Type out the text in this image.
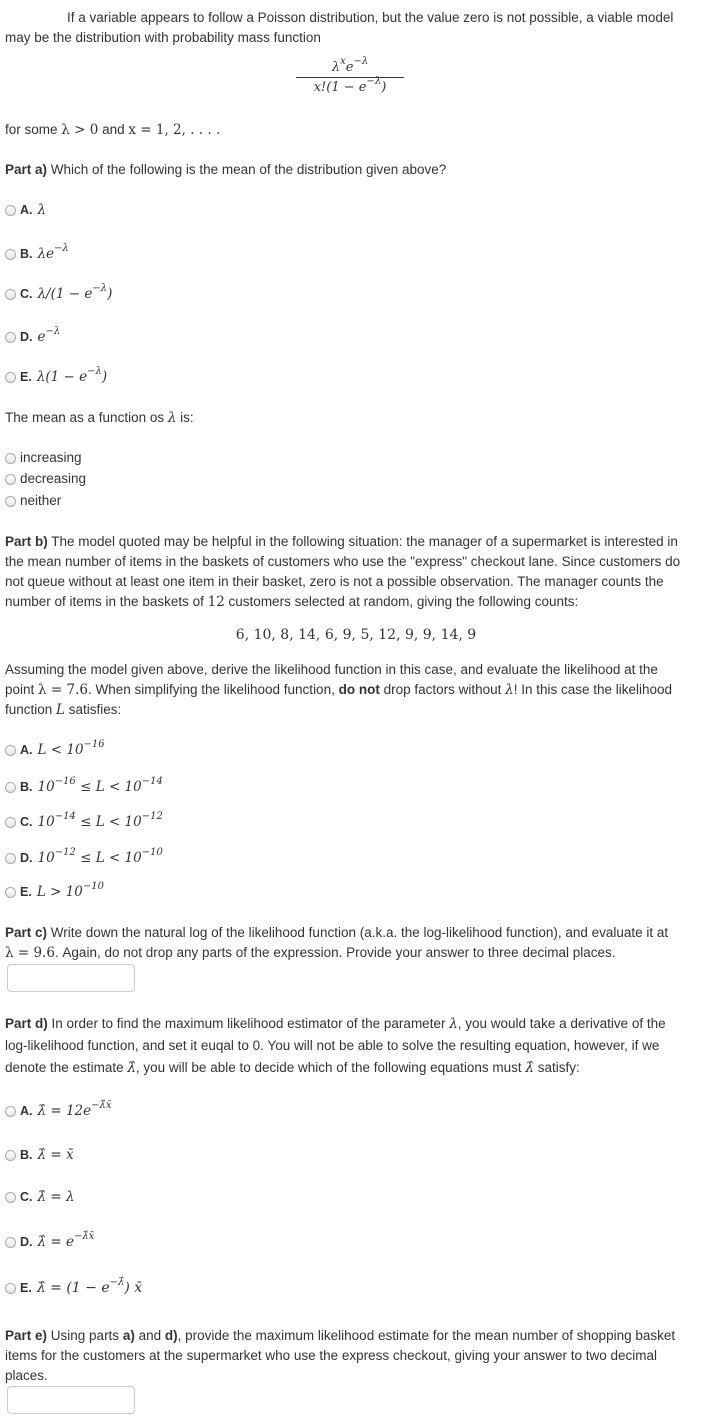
If a variable appears to follow a Poisson distribution, but the value zero is not possible, a viable model
may be the distribution with probability mass function
$\lambda^xe^{-\lambda}$
$x!(1 - e^{-\lambda})$
for some λ > 0 and x = 1, 2, . . . .
Part a) Which of the following is the mean of the distribution given above?
A. λ
B. $\lambda e^{-\lambda}$
C. $\lambda/(1 - e^{-\lambda})$
D. $e^{-\lambda}$
E. $\lambda(1 - e^{-\lambda})$
The mean as a function os λ is:
increasing
decreasing
neither
Part b) The model quoted may be helpful in the following situation: the manager of a supermarket is interested in
the mean number of items in the baskets of customers who use the "express" checkout lane. Since customers do
not queue without at least one item in their basket, zero is not a possible observation. The manager counts the
number of items in the baskets of 12 customers selected at random, giving the following counts:
6, 10, 8, 14, 6, 9, 5, 12, 9, 9, 14, 9
Assuming the model given above, derive the likelihood function in this case, and evaluate the likelihood at the
point λ = 7.6. When simplifying the likelihood function, do not drop factors without λ! In this case the likelihood
function L satisfies:
A. $L < 10^{-16}$
B. $10^{-16} \le L < 10^{-14}$
C. $10^{-14} \le L < 10^{-12}$
D. $10^{-12} \le L < 10^{-10}$
E. $L > 10^{-10}$
Part c) Write down the natural log of the likelihood function (a.k.a. the log-likelihood function), and evaluate it at
λ = 9.6. Again, do not drop any parts of the expression. Provide your answer to three decimal places.
Part d) In order to find the maximum likelihood estimator of the parameter λ, you would take a derivative of the
log-likelihood function, and set it euqal to 0. You will not be able to solve the resulting equation, however, if we
denote the estimate λ̂, you will be able to decide which of the following equations must λ̂ satisfy:
A. λ̂ = $12e^{-\lambdâx̄}$
B. λ̂ = x̄
C. λ̂ = λ
D. λ̂ = $e^{-\lambdâx̄}$
E. λ̂ = $(1 - e^{-\lambdâ})$ x̄
Part e) Using parts a) and d), provide the maximum likelihood estimate for the mean number of shopping basket
items for the customers at the supermarket who use the express checkout, giving your answer to two decimal
places.
